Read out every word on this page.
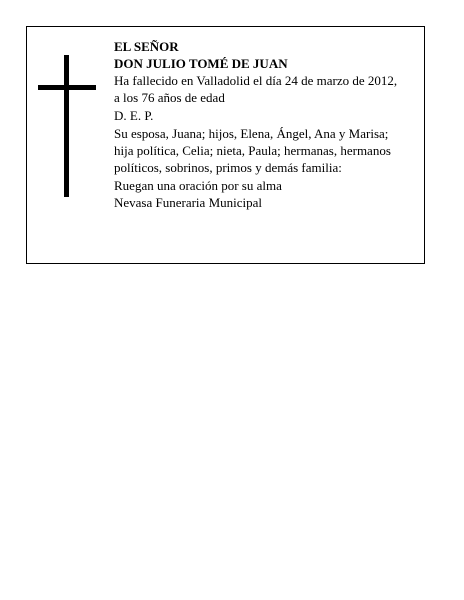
EL SEÑOR

DON JULIO TOMÉ DE JUAN

Ha fallecido en Valladolid el día 24 de marzo de 2012,

a los 76 años de edad

D. E. P.

Su esposa, Juana; hijos, Elena, Ángel, Ana y Marisa;

hija política, Celia; nieta, Paula; hermanas, hermanos

políticos, sobrinos, primos y demás familia:

Ruegan una oración por su alma

Nevasa Funeraria Municipal
